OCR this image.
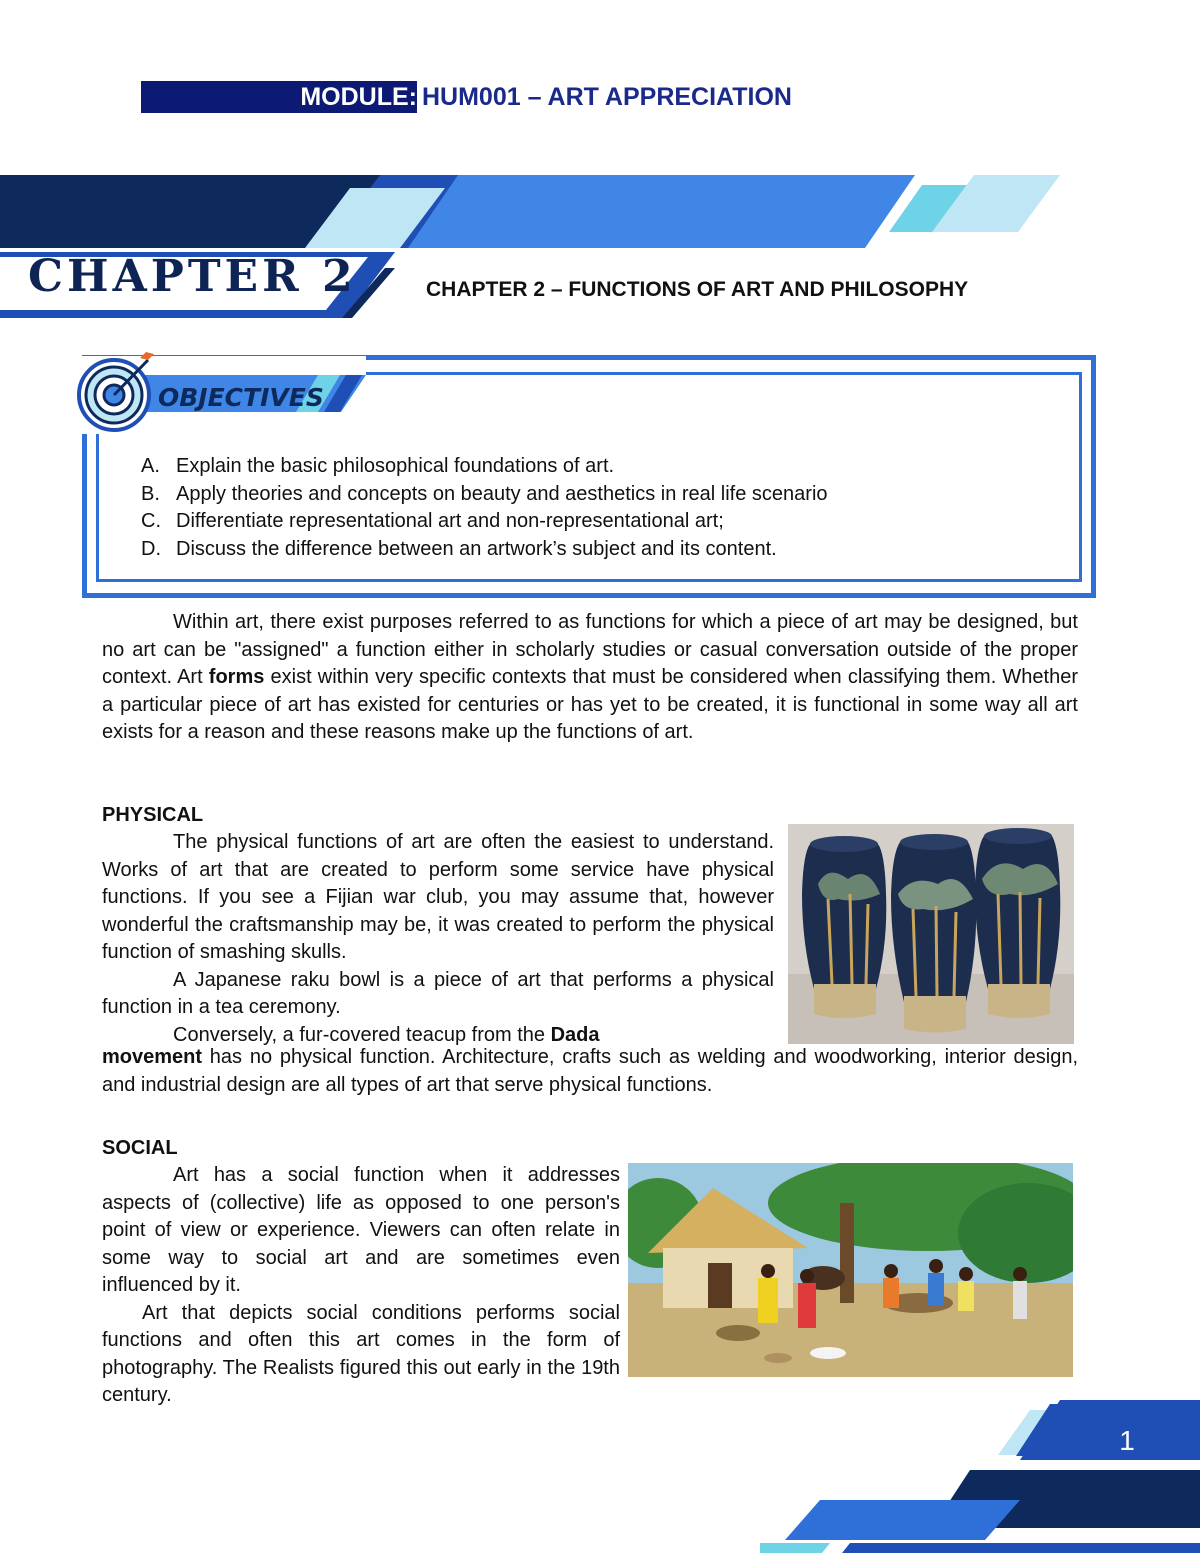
MODULE: HUM001 – ART APPRECIATION
CHAPTER 2	CHAPTER 2 – FUNCTIONS OF ART AND PHILOSOPHY
OBJECTIVES
A. Explain the basic philosophical foundations of art.
B. Apply theories and concepts on beauty and aesthetics in real life scenario
C. Differentiate representational art and non-representational art;
D. Discuss the difference between an artwork’s subject and its content.
Within art, there exist purposes referred to as functions for which a piece of art may be designed, but no art can be "assigned" a function either in scholarly studies or casual conversation outside of the proper context. Art forms exist within very specific contexts that must be considered when classifying them. Whether a particular piece of art has existed for centuries or has yet to be created, it is functional in some way all art exists for a reason and these reasons make up the functions of art.
PHYSICAL
The physical functions of art are often the easiest to understand. Works of art that are created to perform some service have physical functions. If you see a Fijian war club, you may assume that, however wonderful the craftsmanship may be, it was created to perform the physical function of smashing skulls.
A Japanese raku bowl is a piece of art that performs a physical function in a tea ceremony.
Conversely, a fur-covered teacup from the Dada
movement has no physical function. Architecture, crafts such as welding and woodworking, interior design, and industrial design are all types of art that serve physical functions.
SOCIAL
Art has a social function when it addresses aspects of (collective) life as opposed to one person's point of view or experience. Viewers can often relate in some way to social art and are sometimes even influenced by it.
Art that depicts social conditions performs social functions and often this art comes in the form of photography. The Realists figured this out early in the 19th century.
1
